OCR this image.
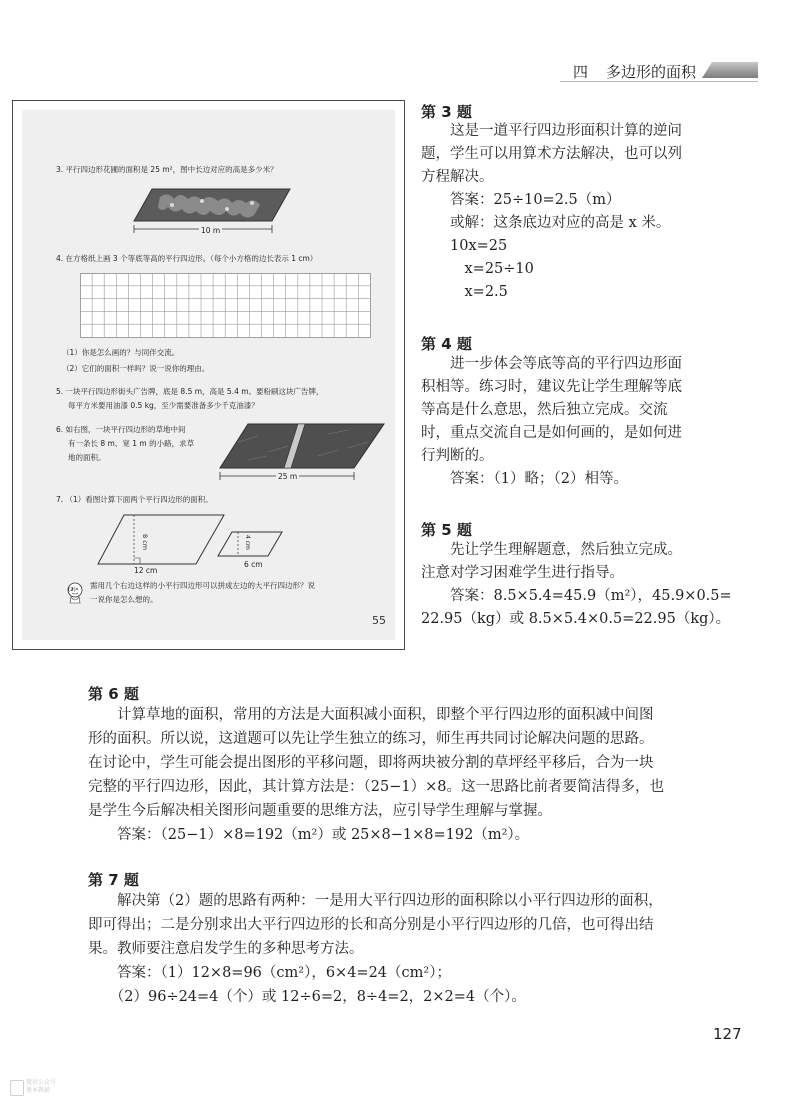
四 多边形的面积
3. 平行四边形花圃的面积是 25 m²，图中长边对应的高是多少米？
10 m
4. 在方格纸上画 3 个等底等高的平行四边形。（每个小方格的边长表示 1 cm）
（1）你是怎么画的？与同伴交流。
（2）它们的面积一样吗？说一说你的理由。
5. 一块平行四边形街头广告牌，底是 8.5 m，高是 5.4 m。要粉刷这块广告牌，
每平方米要用油漆 0.5 kg，至少需要准备多少千克油漆？
6. 如右图，一块平行四边形的草地中间
有一条长 8 m、宽 1 m 的小路，求草
地的面积。
25 m
7. （1）看图计算下面两个平行四边形的面积。
8 cm
12 cm
4 cm
6 cm
(2) 需用几个右边这样的小平行四边形可以拼成左边的大平行四边形？说
一说你是怎么想的。
55
第 3 题
　　这是一道平行四边形面积计算的逆问
题，学生可以用算术方法解决，也可以列
方程解决。
　　答案：25÷10=2.5（m）
　　或解：这条底边对应的高是 x 米。
　　10x=25
　　　x=25÷10
　　　x=2.5
第 4 题
　　进一步体会等底等高的平行四边形面
积相等。练习时，建议先让学生理解等底
等高是什么意思，然后独立完成。交流
时，重点交流自己是如何画的，是如何进
行判断的。
　　答案：（1）略；（2）相等。
第 5 题
　　先让学生理解题意，然后独立完成。
注意对学习困难学生进行指导。
　　答案：8.5×5.4=45.9（m²），45.9×0.5=
22.95（kg）或 8.5×5.4×0.5=22.95（kg）。
第 6 题
　　计算草地的面积，常用的方法是大面积减小面积，即整个平行四边形的面积减中间图
形的面积。所以说，这道题可以先让学生独立的练习，师生再共同讨论解决问题的思路。
在讨论中，学生可能会提出图形的平移问题，即将两块被分割的草坪经平移后，合为一块
完整的平行四边形，因此，其计算方法是：（25−1）×8。这一思路比前者要简洁得多，也
是学生今后解决相关图形问题重要的思维方法，应引导学生理解与掌握。
　　答案：（25−1）×8=192（m²）或 25×8−1×8=192（m²）。
第 7 题
　　解决第（2）题的思路有两种：一是用大平行四边形的面积除以小平行四边形的面积，
即可得出；二是分别求出大平行四边形的长和高分别是小平行四边形的几倍，也可得出结
果。教师要注意启发学生的多种思考方法。
　　答案：（1）12×8=96（cm²），6×4=24（cm²）；
　　（2）96÷24=4（个）或 12÷6=2，8÷4=2，2×2=4（个）。
127
微信公众号
课本教辅
